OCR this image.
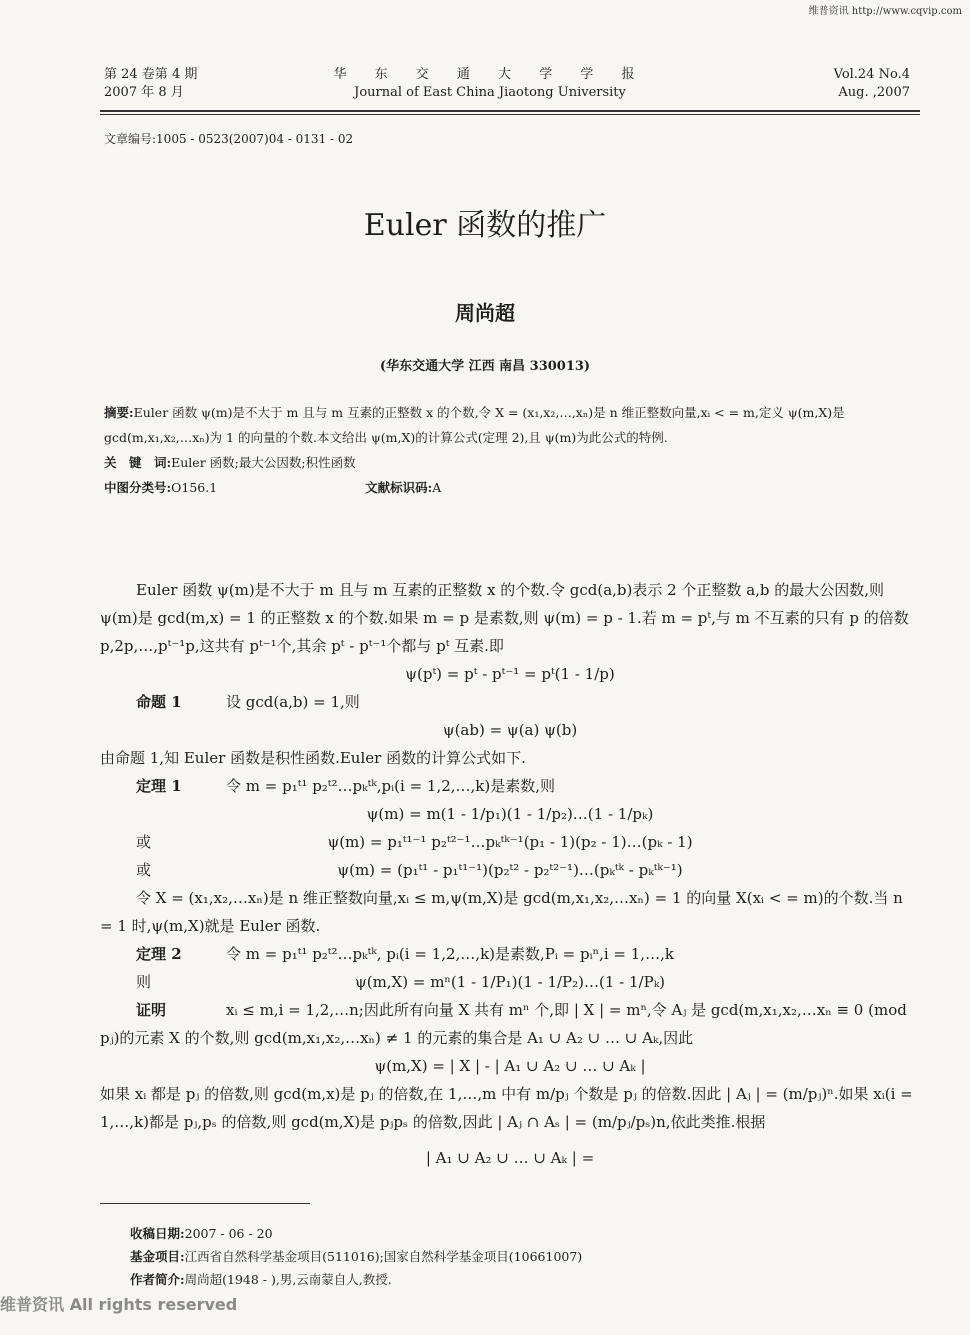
维普资讯 http://www.cqvip.com
第 24 卷第 4 期
2007 年 8 月
华 东 交 通 大 学 学 报
Journal of East China Jiaotong University
Vol.24 No.4
Aug. ,2007
文章编号:1005 - 0523(2007)04 - 0131 - 02
Euler 函数的推广
周尚超
(华东交通大学 江西 南昌 330013)
摘要:Euler 函数 ψ(m)是不大于 m 且与 m 互素的正整数 x 的个数,令 X = (x₁,x₂,…,xₙ)是 n 维正整数向量,xᵢ < = m,定义 ψ(m,X)是 gcd(m,x₁,x₂,…xₙ)为 1 的向量的个数.本文给出 ψ(m,X)的计算公式(定理 2),且 ψ(m)为此公式的特例.
关　键　词:Euler 函数;最大公因数;积性函数
中图分类号:O156.1	文献标识码:A

Euler 函数 ψ(m)是不大于 m 且与 m 互素的正整数 x 的个数.令 gcd(a,b)表示 2 个正整数 a,b 的最大公因数,则 ψ(m)是 gcd(m,x) = 1 的正整数 x 的个数.如果 m = p 是素数,则 ψ(m) = p - 1.若 m = pᵗ,与 m 不互素的只有 p 的倍数 p,2p,…,pᵗ⁻¹p,这共有 pᵗ⁻¹个,其余 pᵗ - pᵗ⁻¹个都与 pᵗ 互素.即

ψ(pᵗ) = pᵗ - pᵗ⁻¹ = pᵗ(1 - 1/p)

命题 1	设 gcd(a,b) = 1,则

ψ(ab) = ψ(a) ψ(b)

由命题 1,知 Euler 函数是积性函数.Euler 函数的计算公式如下.

定理 1	令 m = p₁ᵗ¹ p₂ᵗ²…pₖᵗᵏ,pᵢ(i = 1,2,…,k)是素数,则

ψ(m) = m(1 - 1/p₁)(1 - 1/p₂)…(1 - 1/pₖ)

或	ψ(m) = p₁ᵗ¹⁻¹ p₂ᵗ²⁻¹…pₖᵗᵏ⁻¹(p₁ - 1)(p₂ - 1)…(pₖ - 1)
或	ψ(m) = (p₁ᵗ¹ - p₁ᵗ¹⁻¹)(p₂ᵗ² - p₂ᵗ²⁻¹)…(pₖᵗᵏ - pₖᵗᵏ⁻¹)

令 X = (x₁,x₂,…xₙ)是 n 维正整数向量,xᵢ ≤ m,ψ(m,X)是 gcd(m,x₁,x₂,…xₙ) = 1 的向量 X(xᵢ < = m)的个数.当 n = 1 时,ψ(m,X)就是 Euler 函数.

定理 2	令 m = p₁ᵗ¹ p₂ᵗ²…pₖᵗᵏ, pᵢ(i = 1,2,…,k)是素数,Pᵢ = pᵢⁿ,i = 1,…,k

则	ψ(m,X) = mⁿ(1 - 1/P₁)(1 - 1/P₂)…(1 - 1/Pₖ)

证明	xᵢ ≤ m,i = 1,2,…n;因此所有向量 X 共有 mⁿ 个,即 | X | = mⁿ,令 Aⱼ 是 gcd(m,x₁,x₂,…xₙ ≡ 0 (mod pⱼ)的元素 X 的个数,则 gcd(m,x₁,x₂,…xₙ) ≠ 1 的元素的集合是 A₁ ∪ A₂ ∪ … ∪ Aₖ,因此

ψ(m,X) = | X | - | A₁ ∪ A₂ ∪ … ∪ Aₖ |

如果 xᵢ 都是 pⱼ 的倍数,则 gcd(m,x)是 pⱼ 的倍数,在 1,…,m 中有 m/pⱼ 个数是 pⱼ 的倍数.因此 | Aⱼ | = (m/pⱼ)ⁿ.如果 xᵢ(i = 1,…,k)都是 pⱼ,pₛ 的倍数,则 gcd(m,X)是 pⱼpₛ 的倍数,因此 | Aⱼ ∩ Aₛ | = (m/pⱼ/pₛ)n,依此类推.根据

| A₁ ∪ A₂ ∪ … ∪ Aₖ | =

收稿日期:2007 - 06 - 20
基金项目:江西省自然科学基金项目(511016);国家自然科学基金项目(10661007)
作者简介:周尚超(1948 - ),男,云南蒙自人,教授.
维普资讯 All rights reserved
